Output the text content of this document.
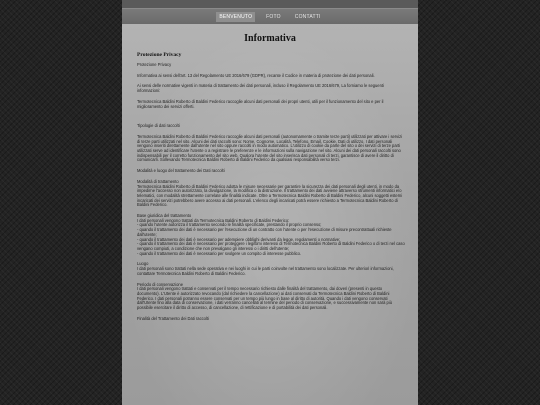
BENVENUTO	FOTO	CONTATTI
Informativa
Protezione Privacy

Protezione Privacy

Informativa ai sensi dell'art. 13 del Regolamento UE 2016/679 (GDPR), recante il Codice in materia di protezione dei dati personali.

Ai sensi delle normative vigenti in materia di trattamento dei dati personali, incluso il Regolamento UE 2016/679, La forniamo le seguenti informazioni:

Termotecnica Baldini Roberto di Baldini Federico raccoglie alcuni dati personali dei propri utenti, utili per il funzionamento del sito e per il miglioramento dei servizi offerti.

Tipologie di dati raccolti

Termotecnica Baldini Roberto di Baldini Federico raccoglie alcuni dati personali (autonomamente o tramite terze parti) utilizzati per attivare i servizi di terze parti utilizzati nel sito. Alcuni dei dati raccolti sono: Nome, Cognome, Località, Telefono, Email, Cookie, Dati di utilizzo. I dati personali vengono inseriti direttamente dall'utente nel sito oppure raccolti in modo automatico. L'utilizzo di cookie da parte del sito o dei servizi di terze parti utilizzati serve ad identificare l'utente o a registrare le preferenze e le informazioni sulla navigazione nel sito. Alcuni dei dati personali raccolti sono indispensabili per il corretto funzionamento del sito web. Qualora l'utente del sito inserisca dati personali di terzi, garantisce di avere il diritto di comunicarli. Sollevando Termotecnica Baldini Roberto di Baldini Federico da qualsiasi responsabilità verso terzi.

Modalità e luogo del trattamento dei Dati raccolti

Modalità di trattamento
Termotecnica Baldini Roberto di Baldini Federico adotta le misure necessarie per garantire la sicurezza dei dati personali degli utenti, in modo da impedirne l'accesso non autorizzato, la divulgazione, la modifica o la distruzione. Il trattamento dei dati avviene attraverso strumenti informatici e/o telematici, con modalità strettamente correlate alle finalità indicate. Oltre a Termotecnica Baldini Roberto di Baldini Federico, alcuni soggetti esterni incaricati dei servizi potrebbero avere accesso ai dati personali. L'elenco degli incaricati potrà essere richiesto a Termotecnica Baldini Roberto di Baldini Federico.

Base giuridica del trattamento
I dati personali vengono trattati da Termotecnica Baldini Roberto di Baldini Federico:
- quando l'utente autorizza il trattamento secondo le finalità specificate, prestando il proprio consenso;
- quando il trattamento dei dati è necessario per l'esecuzione di un contratto con l'utente o per l'esecuzione di misure precontrattuali richieste dall'utente;
- quando il trattamento dei dati è necessario per adempiere obblighi derivanti da legge, regolamenti o normative;
- quando il trattamento dei dati è necessario per proteggere i legittimi interessi di Termotecnica Baldini Roberto di Baldini Federico o di terzi nel caso vengano compiuti, a condizione che non prevalgano gli interessi o i diritti dell'utente;
- quando il trattamento dei dati è necessario per svolgere un compito di interesse pubblico.

Luogo
I dati personali sono trattati nella sede operativa e nei luoghi in cui le parti coinvolte nel trattamento sono localizzate. Per ulteriori informazioni, contattare Termotecnica Baldini Roberto di Baldini Federico.

Periodo di conservazione
I dati personali vengono trattati e conservati per il tempo necessario richiesto dalle finalità del trattamento, dai doveri (presenti in questo documento). L'Utente è autorizzato revocando (dal richiedere la cancellazione) ai dati conservati da Termotecnica Baldini Roberto di Baldini Federico. I dati personali potranno essere conservati per un tempo più lungo in base al diritto di autorità. Quando i dati vengono conservati dall'Utente fino alla data di conservazione, i dati verranno cancellati al termine del periodo di conservazione, e successivamente non sarà più possibile esercitare il diritto di accesso, di cancellazione, di rettificazione e di portabilità dei dati personali.

Finalità del Trattamento dei Dati raccolti
